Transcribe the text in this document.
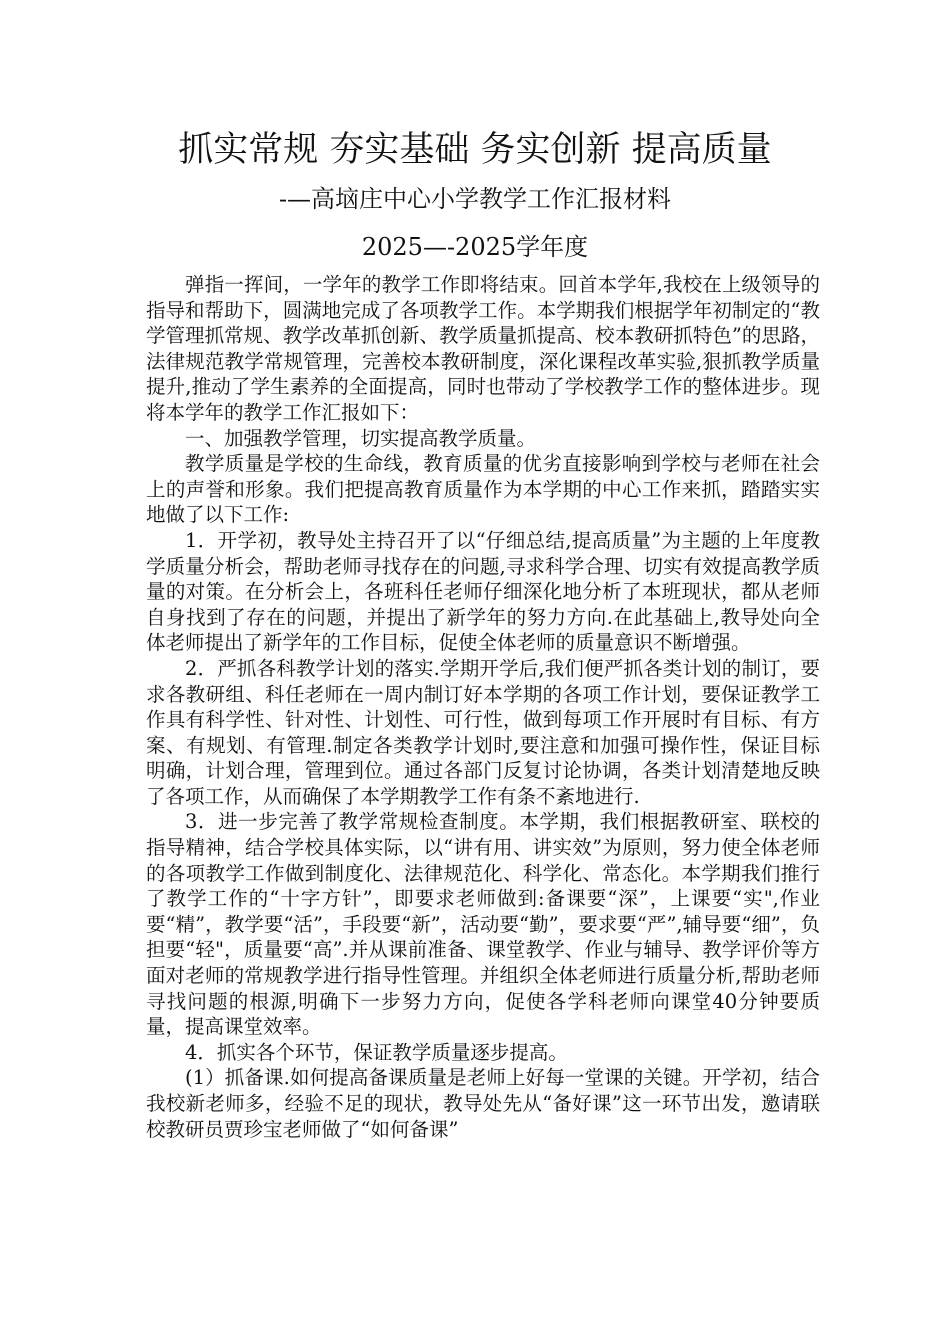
抓实常规 夯实基础 务实创新 提高质量
-—高垴庄中心小学教学工作汇报材料
2025—-2025学年度

弹指一挥间，一学年的教学工作即将结束。回首本学年,我校在上级领导的指导和帮助下，圆满地完成了各项教学工作。本学期我们根据学年初制定的“教学管理抓常规、教学改革抓创新、教学质量抓提高、校本教研抓特色”的思路，法律规范教学常规管理，完善校本教研制度，深化课程改革实验,狠抓教学质量提升,推动了学生素养的全面提高，同时也带动了学校教学工作的整体进步。现将本学年的教学工作汇报如下：

一、加强教学管理，切实提高教学质量。

教学质量是学校的生命线，教育质量的优劣直接影响到学校与老师在社会上的声誉和形象。我们把提高教育质量作为本学期的中心工作来抓，踏踏实实地做了以下工作:

1．开学初，教导处主持召开了以“仔细总结,提高质量”为主题的上年度教学质量分析会，帮助老师寻找存在的问题,寻求科学合理、切实有效提高教学质量的对策。在分析会上，各班科任老师仔细深化地分析了本班现状，都从老师自身找到了存在的问题，并提出了新学年的努力方向.在此基础上,教导处向全体老师提出了新学年的工作目标，促使全体老师的质量意识不断增强。

2．严抓各科教学计划的落实.学期开学后,我们便严抓各类计划的制订，要求各教研组、科任老师在一周内制订好本学期的各项工作计划，要保证教学工作具有科学性、针对性、计划性、可行性，做到每项工作开展时有目标、有方案、有规划、有管理.制定各类教学计划时,要注意和加强可操作性，保证目标明确，计划合理，管理到位。通过各部门反复讨论协调，各类计划清楚地反映了各项工作，从而确保了本学期教学工作有条不紊地进行.

3．进一步完善了教学常规检查制度。本学期，我们根据教研室、联校的指导精神，结合学校具体实际，以“讲有用、讲实效”为原则，努力使全体老师的各项教学工作做到制度化、法律规范化、科学化、常态化。本学期我们推行了教学工作的“十字方针”，即要求老师做到:备课要“深”，上课要“实",作业要“精”，教学要“活”，手段要“新”，活动要“勤”，要求要“严”,辅导要“细”，负担要“轻"，质量要“高”.并从课前准备、课堂教学、作业与辅导、教学评价等方面对老师的常规教学进行指导性管理。并组织全体老师进行质量分析,帮助老师寻找问题的根源,明确下一步努力方向，促使各学科老师向课堂40分钟要质量，提高课堂效率。

4．抓实各个环节，保证教学质量逐步提高。

(1）抓备课.如何提高备课质量是老师上好每一堂课的关键。开学初，结合我校新老师多，经验不足的现状，教导处先从“备好课”这一环节出发，邀请联校教研员贾珍宝老师做了“如何备课”
